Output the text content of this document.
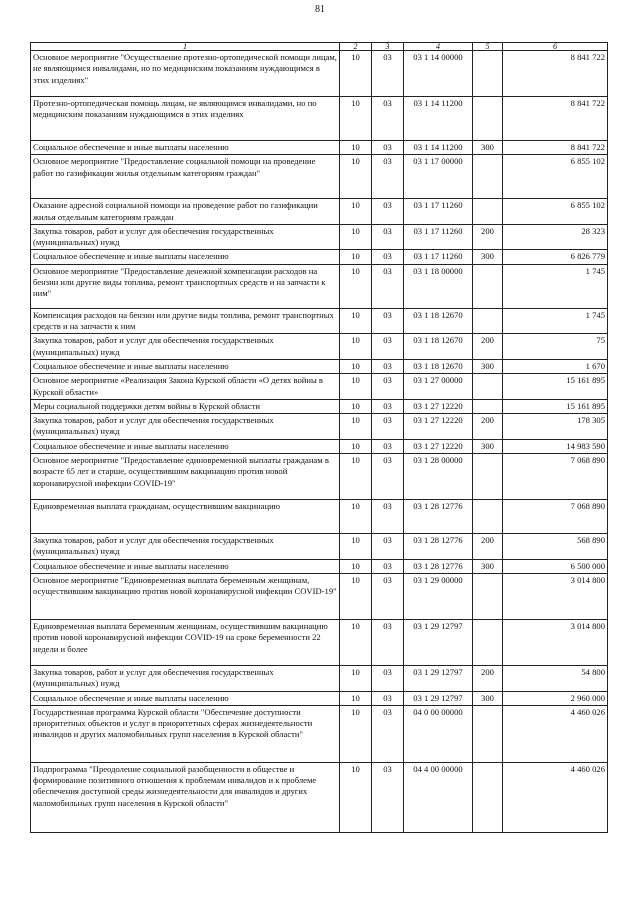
81
1	2	3	4	5	6
Основное мероприятие "Осуществление протезно-ортопедической помощи лицам, не являющимся инвалидами, но по медицинским показаниям нуждающимся в этих изделиях"	10	03	03 1 14 00000		8 841 722
Протезно-ортопедическая помощь лицам, не являющимся инвалидами, но по медицинским показаниям нуждающимся в этих изделиях	10	03	03 1 14 11200		8 841 722
Социальное обеспечение и иные выплаты населению	10	03	03 1 14 11200	300	8 841 722
Основное мероприятие "Предоставление социальной помощи на проведение работ по газификации жилья отдельным категориям граждан"	10	03	03 1 17 00000		6 855 102
Оказание адресной социальной помощи на проведение работ по газификации жилья отдельным категориям граждан	10	03	03 1 17 11260		6 855 102
Закупка товаров, работ и услуг для обеспечения государственных (муниципальных) нужд	10	03	03 1 17 11260	200	28 323
Социальное обеспечение и иные выплаты населению	10	03	03 1 17 11260	300	6 826 779
Основное мероприятие "Предоставление денежной компенсации расходов на бензин или другие виды топлива, ремонт транспортных средств и на запчасти к ним"	10	03	03 1 18 00000		1 745
Компенсация расходов на бензин или другие виды топлива, ремонт транспортных средств и на запчасти к ним	10	03	03 1 18 12670		1 745
Закупка товаров, работ и услуг для обеспечения государственных (муниципальных) нужд	10	03	03 1 18 12670	200	75
Социальное обеспечение и иные выплаты населению	10	03	03 1 18 12670	300	1 670
Основное мероприятие «Реализация Закона Курской области «О детях войны в Курской области»	10	03	03 1 27 00000		15 161 895
Меры социальной поддержки детям войны в Курской области	10	03	03 1 27 12220		15 161 895
Закупка товаров, работ и услуг для обеспечения государственных (муниципальных) нужд	10	03	03 1 27 12220	200	178 305
Социальное обеспечение и иные выплаты населению	10	03	03 1 27 12220	300	14 983 590
Основное мероприятие "Предоставление единовременной выплаты гражданам в возрасте 65 лет и старше, осуществившим вакцинацию против новой коронавирусной инфекции COVID-19"	10	03	03 1 28 00000		7 068 890
Единовременная выплата гражданам, осуществившим вакцинацию	10	03	03 1 28 12776		7 068 890
Закупка товаров, работ и услуг для обеспечения государственных (муниципальных) нужд	10	03	03 1 28 12776	200	568 890
Социальное обеспечение и иные выплаты населению	10	03	03 1 28 12776	300	6 500 000
Основное мероприятие "Единовременная выплата беременным женщинам, осуществившим вакцинацию против новой коронавирусной инфекции COVID-19"	10	03	03 1 29 00000		3 014 800
Единовременная выплата беременным женщинам, осуществившим вакцинацию против новой коронавирусной инфекции COVID-19 на сроке беременности 22 недели и более	10	03	03 1 29 12797		3 014 800
Закупка товаров, работ и услуг для обеспечения государственных (муниципальных) нужд	10	03	03 1 29 12797	200	54 800
Социальное обеспечение и иные выплаты населению	10	03	03 1 29 12797	300	2 960 000
Государственная программа Курской области "Обеспечение доступности приоритетных объектов и услуг в приоритетных сферах жизнедеятельности инвалидов и других маломобильных групп населения в Курской области"	10	03	04 0 00 00000		4 460 026
Подпрограмма "Преодоление социальной разобщенности в обществе и формирование позитивного отношения к проблемам инвалидов и к проблеме обеспечения доступной среды жизнедеятельности для инвалидов и других маломобильных групп населения в Курской области"	10	03	04 4 00 00000		4 460 026
